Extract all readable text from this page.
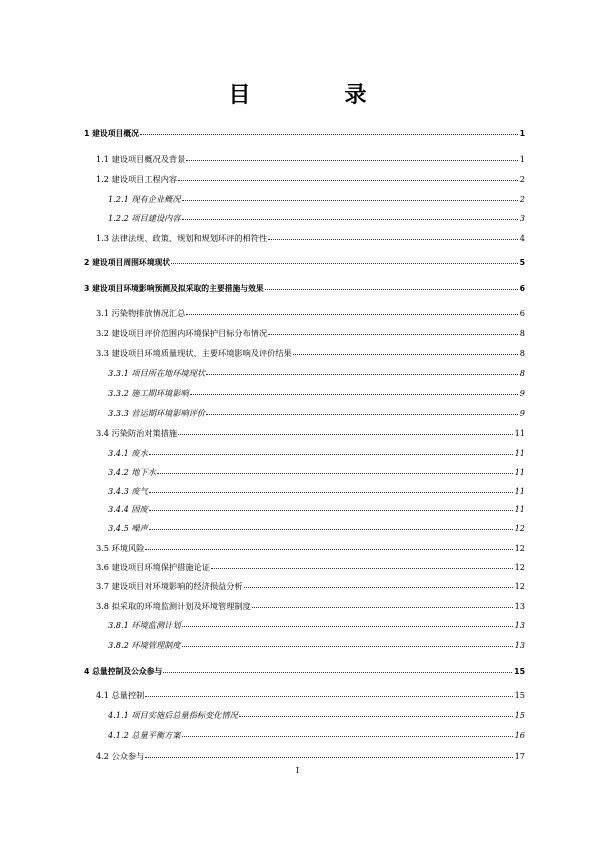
目　录
1 建设项目概况	1
1.1 建设项目概况及背景	1
1.2 建设项目工程内容	2
1.2.1 现有企业概况	2
1.2.2 项目建设内容	3
1.3 法律法规、政策、规划和规划环评的相符性	4
2 建设项目周围环境现状	5
3 建设项目环境影响预测及拟采取的主要措施与效果	6
3.1 污染物排放情况汇总	6
3.2 建设项目评价范围内环境保护目标分布情况	8
3.3 建设项目环境质量现状、主要环境影响及评价结果	8
3.3.1 项目所在地环境现状	8
3.3.2 施工期环境影响	9
3.3.3 营运期环境影响评价	9
3.4 污染防治对策措施	11
3.4.1 废水	11
3.4.2 地下水	11
3.4.3 废气	11
3.4.4 固废	11
3.4.5 噪声	12
3.5 环境风险	12
3.6 建设项目环境保护措施论证	12
3.7 建设项目对环境影响的经济损益分析	12
3.8 拟采取的环境监测计划及环境管理制度	13
3.8.1 环境监测计划	13
3.8.2 环境管理制度	13
4 总量控制及公众参与	15
4.1 总量控制	15
4.1.1 项目实施后总量指标变化情况	15
4.1.2 总量平衡方案	16
4.2 公众参与	17
I
